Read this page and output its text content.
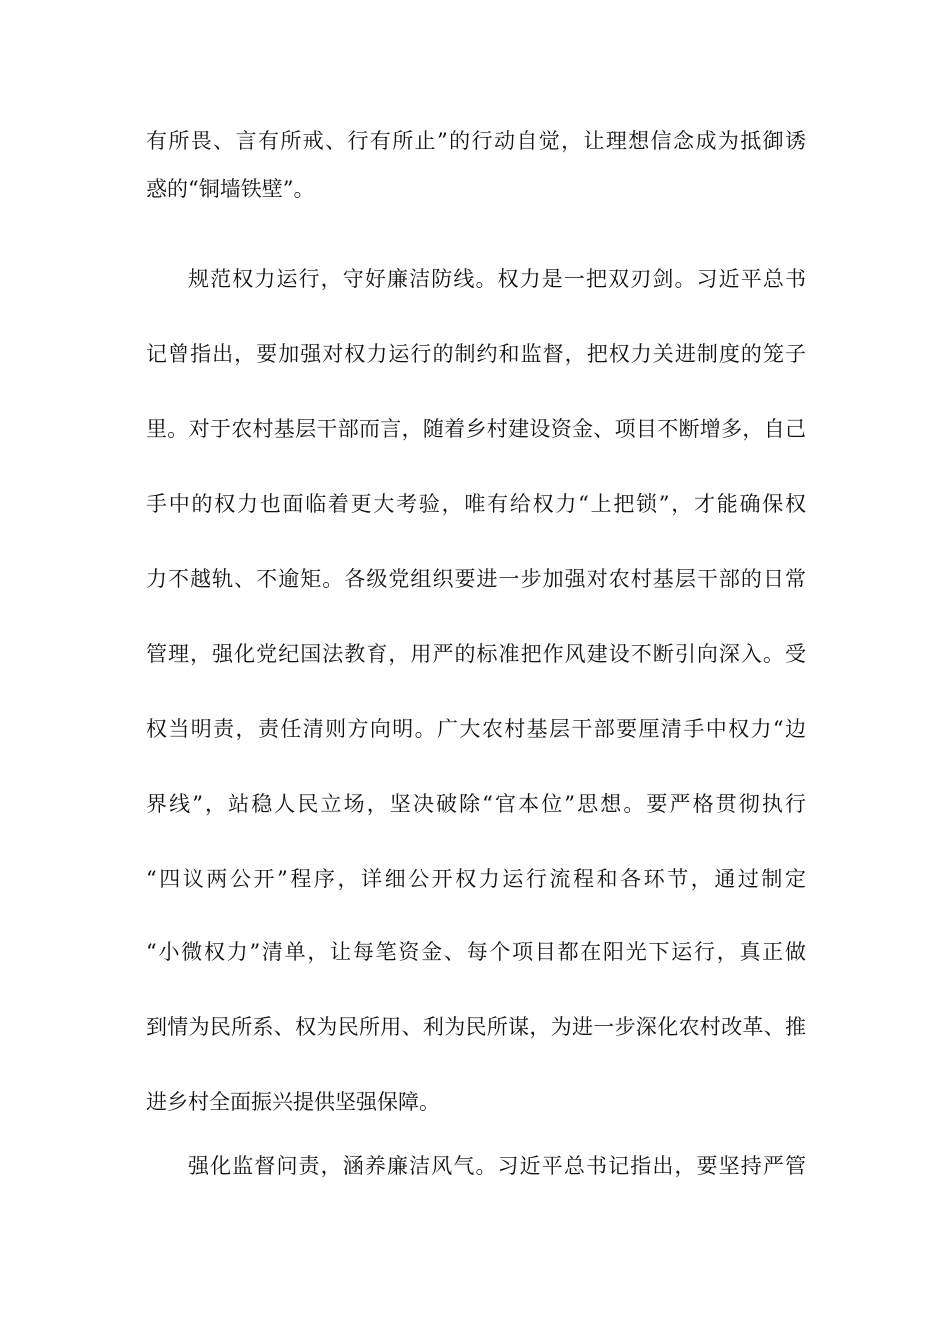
有所畏、言有所戒、行有所止”的行动自觉，让理想信念成为抵御诱
惑的“铜墙铁壁”。
规范权力运行，守好廉洁防线。权力是一把双刃剑。习近平总书
记曾指出，要加强对权力运行的制约和监督，把权力关进制度的笼子
里。对于农村基层干部而言，随着乡村建设资金、项目不断增多，自己
手中的权力也面临着更大考验，唯有给权力“上把锁”，才能确保权
力不越轨、不逾矩。各级党组织要进一步加强对农村基层干部的日常
管理，强化党纪国法教育，用严的标准把作风建设不断引向深入。受
权当明责，责任清则方向明。广大农村基层干部要厘清手中权力“边
界线”，站稳人民立场，坚决破除“官本位”思想。要严格贯彻执行
“四议两公开”程序，详细公开权力运行流程和各环节，通过制定
“小微权力”清单，让每笔资金、每个项目都在阳光下运行，真正做
到情为民所系、权为民所用、利为民所谋，为进一步深化农村改革、推
进乡村全面振兴提供坚强保障。
强化监督问责，涵养廉洁风气。习近平总书记指出，要坚持严管
